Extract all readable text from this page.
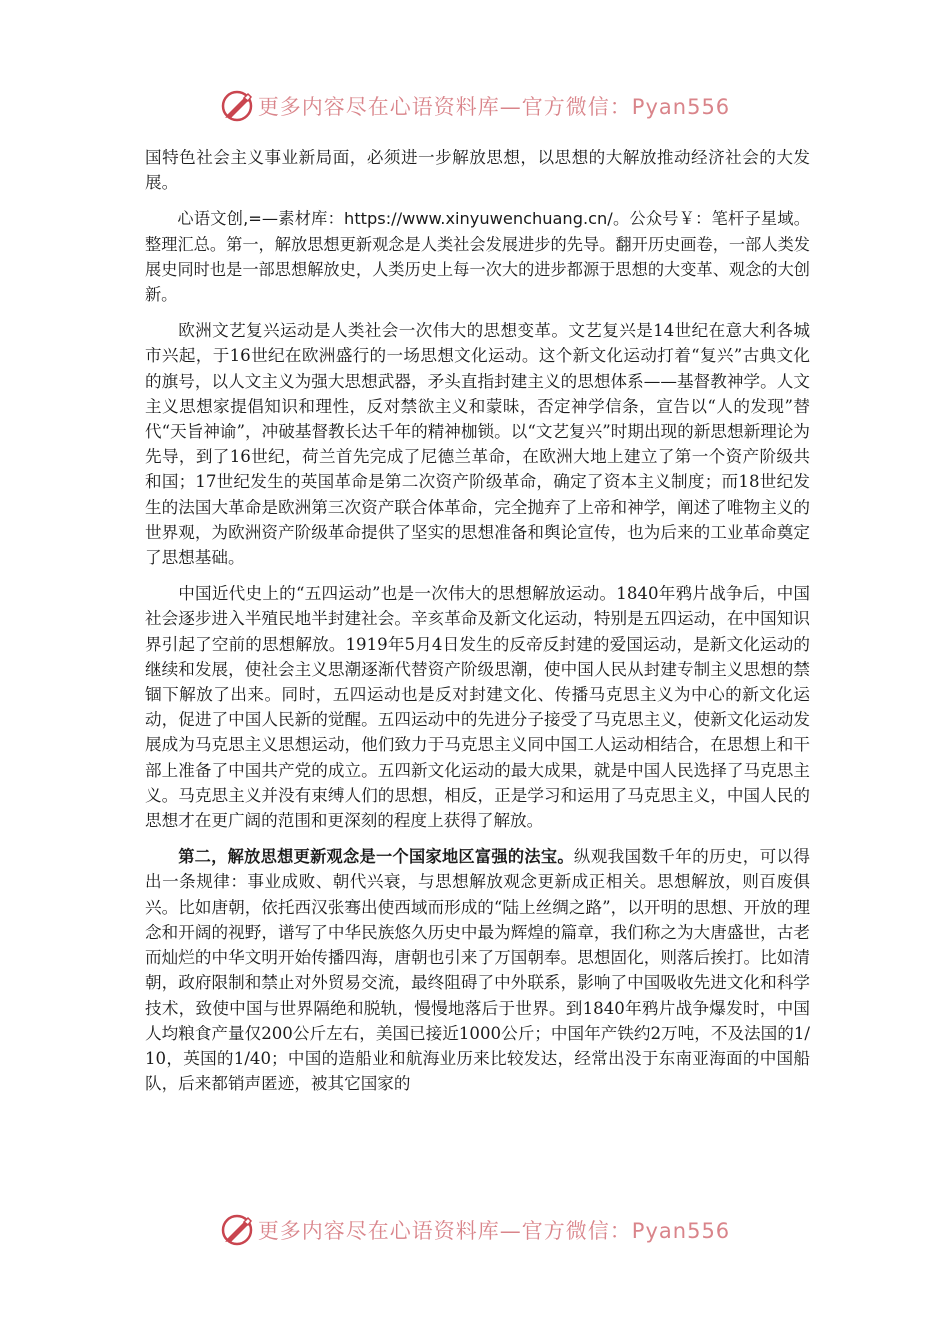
更多内容尽在心语资料库—官方微信：Pyan556

国特色社会主义事业新局面，必须进一步解放思想，以思想的大解放推动经济社会的大发展。

心语文创,=—素材库：https://www.xinyuwenchuang.cn/。公众号￥：笔杆子星域。整理汇总。第一，解放思想更新观念是人类社会发展进步的先导。翻开历史画卷，一部人类发展史同时也是一部思想解放史，人类历史上每一次大的进步都源于思想的大变革、观念的大创新。

欧洲文艺复兴运动是人类社会一次伟大的思想变革。文艺复兴是14世纪在意大利各城市兴起，于16世纪在欧洲盛行的一场思想文化运动。这个新文化运动打着“复兴”古典文化的旗号，以人文主义为强大思想武器，矛头直指封建主义的思想体系——基督教神学。人文主义思想家提倡知识和理性，反对禁欲主义和蒙昧，否定神学信条，宣告以“人的发现”替代“天旨神谕”，冲破基督教长达千年的精神枷锁。以“文艺复兴”时期出现的新思想新理论为先导，到了16世纪，荷兰首先完成了尼德兰革命，在欧洲大地上建立了第一个资产阶级共和国；17世纪发生的英国革命是第二次资产阶级革命，确定了资本主义制度；而18世纪发生的法国大革命是欧洲第三次资产联合体革命，完全抛弃了上帝和神学，阐述了唯物主义的世界观，为欧洲资产阶级革命提供了坚实的思想准备和舆论宣传，也为后来的工业革命奠定了思想基础。

中国近代史上的“五四运动”也是一次伟大的思想解放运动。1840年鸦片战争后，中国社会逐步进入半殖民地半封建社会。辛亥革命及新文化运动，特别是五四运动，在中国知识界引起了空前的思想解放。1919年5月4日发生的反帝反封建的爱国运动，是新文化运动的继续和发展，使社会主义思潮逐渐代替资产阶级思潮，使中国人民从封建专制主义思想的禁锢下解放了出来。同时，五四运动也是反对封建文化、传播马克思主义为中心的新文化运动，促进了中国人民新的觉醒。五四运动中的先进分子接受了马克思主义，使新文化运动发展成为马克思主义思想运动，他们致力于马克思主义同中国工人运动相结合，在思想上和干部上准备了中国共产党的成立。五四新文化运动的最大成果，就是中国人民选择了马克思主义。马克思主义并没有束缚人们的思想，相反，正是学习和运用了马克思主义，中国人民的思想才在更广阔的范围和更深刻的程度上获得了解放。

第二，解放思想更新观念是一个国家地区富强的法宝。纵观我国数千年的历史，可以得出一条规律：事业成败、朝代兴衰，与思想解放观念更新成正相关。思想解放，则百废俱兴。比如唐朝，依托西汉张骞出使西域而形成的“陆上丝绸之路”，以开明的思想、开放的理念和开阔的视野，谱写了中华民族悠久历史中最为辉煌的篇章，我们称之为大唐盛世，古老而灿烂的中华文明开始传播四海，唐朝也引来了万国朝奉。思想固化，则落后挨打。比如清朝，政府限制和禁止对外贸易交流，最终阻碍了中外联系，影响了中国吸收先进文化和科学技术，致使中国与世界隔绝和脱轨，慢慢地落后于世界。到1840年鸦片战争爆发时，中国人均粮食产量仅200公斤左右，美国已接近1000公斤；中国年产铁约2万吨，不及法国的1/10，英国的1/40；中国的造船业和航海业历来比较发达，经常出没于东南亚海面的中国船队，后来都销声匿迹，被其它国家的

更多内容尽在心语资料库—官方微信：Pyan556
